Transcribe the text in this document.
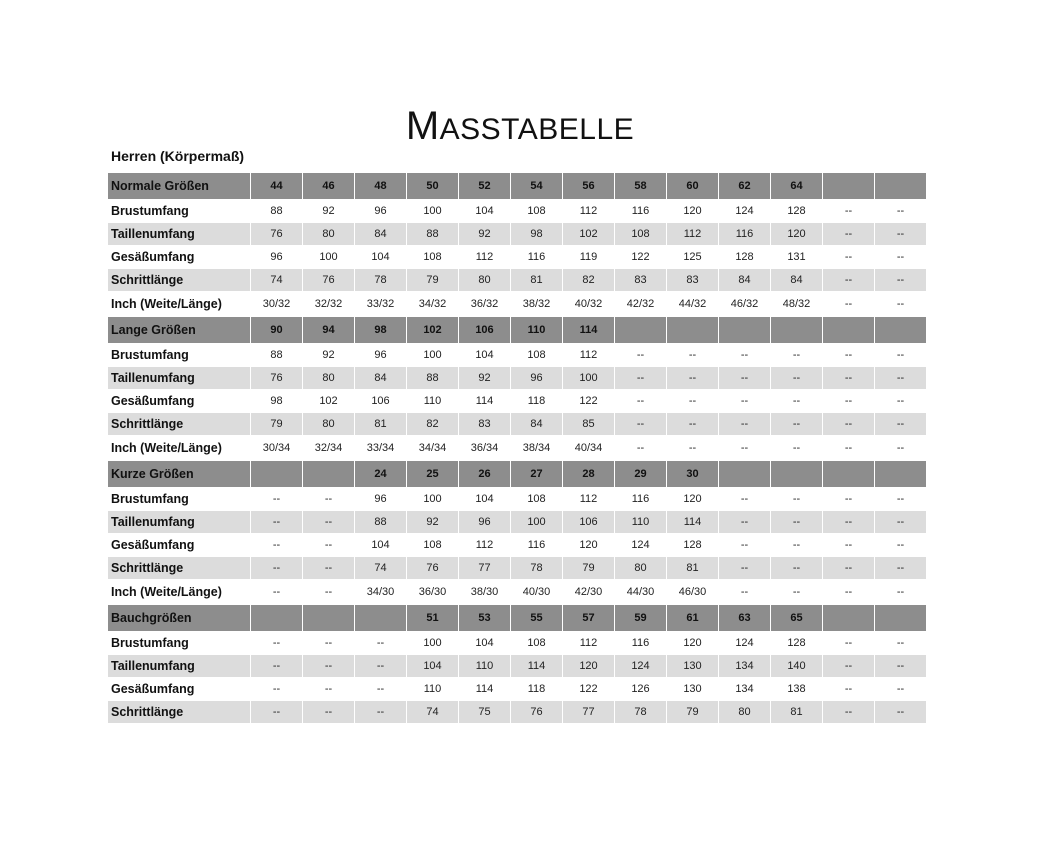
MASSTABELLE
Herren (Körpermaß)
Normale Größen	44	46	48	50	52	54	56	58	60	62	64		
Brustumfang	88	92	96	100	104	108	112	116	120	124	128	--	--
Taillenumfang	76	80	84	88	92	98	102	108	112	116	120	--	--
Gesäßumfang	96	100	104	108	112	116	119	122	125	128	131	--	--
Schrittlänge	74	76	78	79	80	81	82	83	83	84	84	--	--
Inch (Weite/Länge)	30/32	32/32	33/32	34/32	36/32	38/32	40/32	42/32	44/32	46/32	48/32	--	--
Lange Größen	90	94	98	102	106	110	114						
Brustumfang	88	92	96	100	104	108	112	--	--	--	--	--	--
Taillenumfang	76	80	84	88	92	96	100	--	--	--	--	--	--
Gesäßumfang	98	102	106	110	114	118	122	--	--	--	--	--	--
Schrittlänge	79	80	81	82	83	84	85	--	--	--	--	--	--
Inch (Weite/Länge)	30/34	32/34	33/34	34/34	36/34	38/34	40/34	--	--	--	--	--	--
Kurze Größen			24	25	26	27	28	29	30				
Brustumfang	--	--	96	100	104	108	112	116	120	--	--	--	--
Taillenumfang	--	--	88	92	96	100	106	110	114	--	--	--	--
Gesäßumfang	--	--	104	108	112	116	120	124	128	--	--	--	--
Schrittlänge	--	--	74	76	77	78	79	80	81	--	--	--	--
Inch (Weite/Länge)	--	--	34/30	36/30	38/30	40/30	42/30	44/30	46/30	--	--	--	--
Bauchgrößen				51	53	55	57	59	61	63	65		
Brustumfang	--	--	--	100	104	108	112	116	120	124	128	--	--
Taillenumfang	--	--	--	104	110	114	120	124	130	134	140	--	--
Gesäßumfang	--	--	--	110	114	118	122	126	130	134	138	--	--
Schrittlänge	--	--	--	74	75	76	77	78	79	80	81	--	--
